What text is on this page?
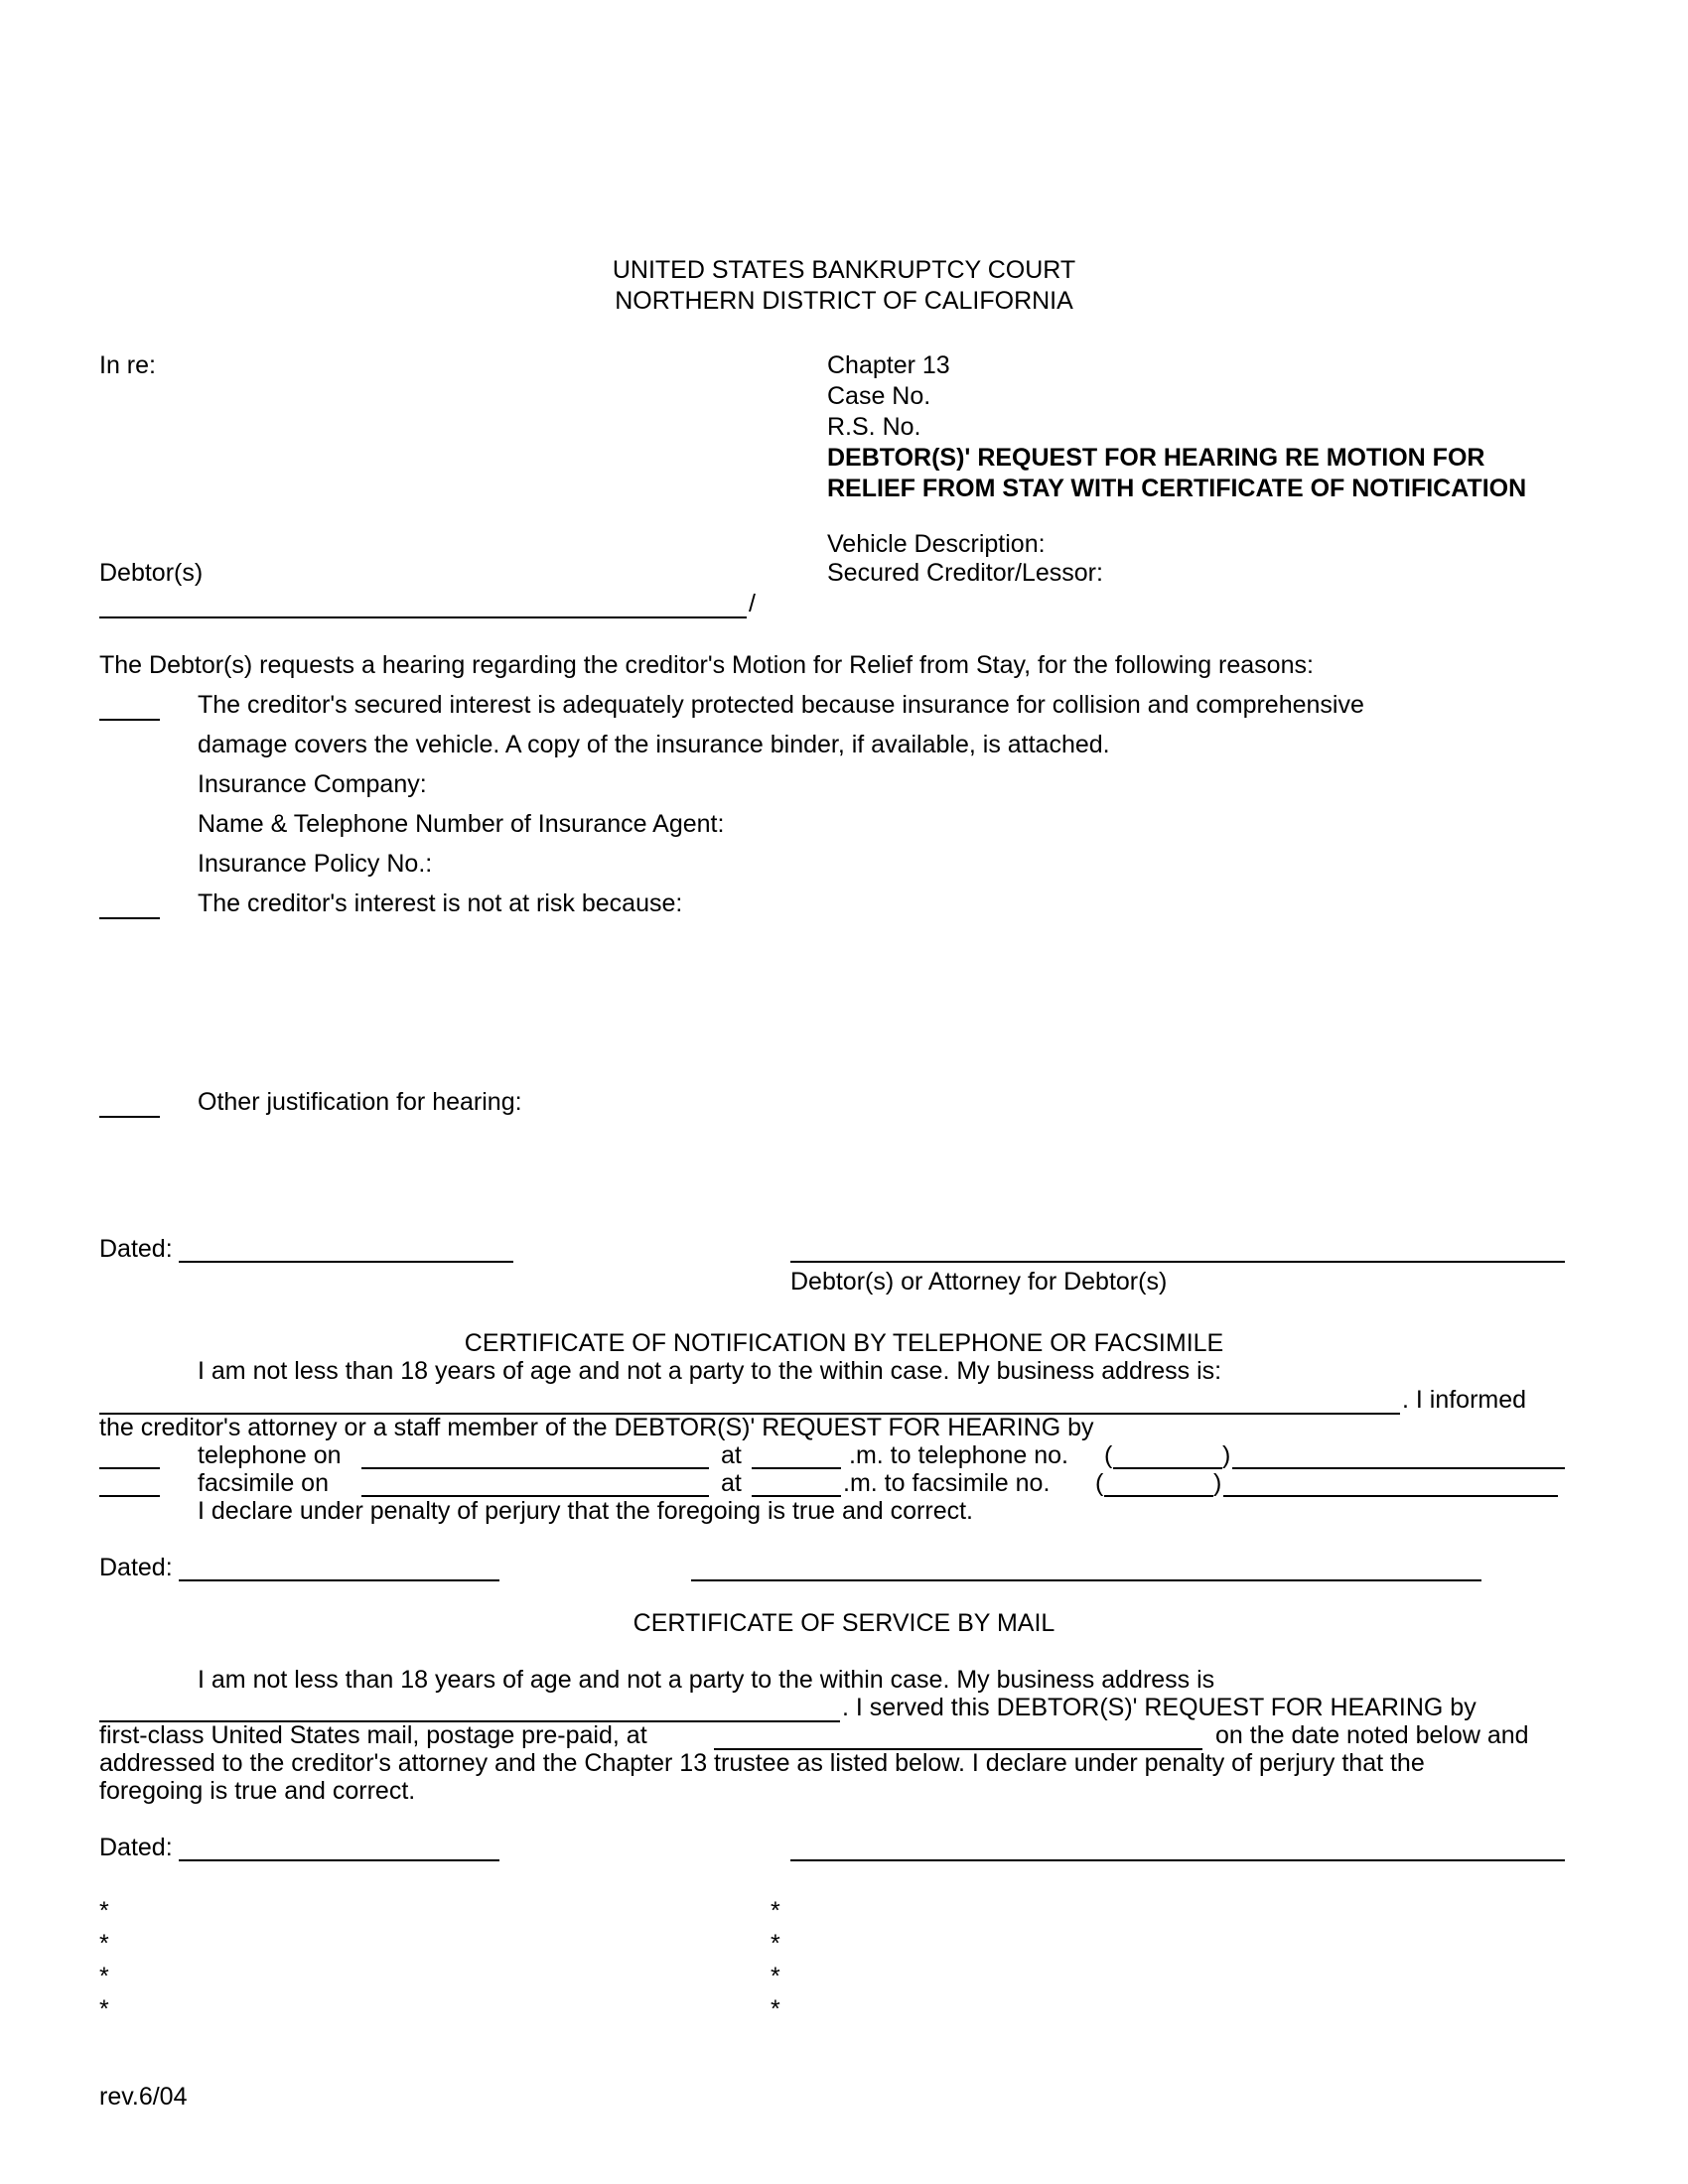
UNITED STATES BANKRUPTCY COURT
NORTHERN DISTRICT OF CALIFORNIA
In re:
Debtor(s)
/
Chapter 13
Case No.
R.S. No.
DEBTOR(S)' REQUEST FOR HEARING RE MOTION FOR
RELIEF FROM STAY WITH CERTIFICATE OF NOTIFICATION
Vehicle Description:
Secured Creditor/Lessor:
The Debtor(s) requests a hearing regarding the creditor's Motion for Relief from Stay, for the following reasons:
The creditor's secured interest is adequately protected because insurance for collision and comprehensive
damage covers the vehicle. A copy of the insurance binder, if available, is attached.
Insurance Company:
Name & Telephone Number of Insurance Agent:
Insurance Policy No.:
The creditor's interest is not at risk because:
Other justification for hearing:
Dated:
Debtor(s) or Attorney for Debtor(s)
CERTIFICATE OF NOTIFICATION BY TELEPHONE OR FACSIMILE
I am not less than 18 years of age and not a party to the within case. My business address is:
. I informed
the creditor's attorney or a staff member of the DEBTOR(S)' REQUEST FOR HEARING by
telephone on	at	.m. to telephone no. (	)
facsimile on	at	.m. to facsimile no. (	)
I declare under penalty of perjury that the foregoing is true and correct.
Dated:
CERTIFICATE OF SERVICE BY MAIL
I am not less than 18 years of age and not a party to the within case. My business address is
. I served this DEBTOR(S)' REQUEST FOR HEARING by
first-class United States mail, postage pre-paid, at	on the date noted below and
addressed to the creditor's attorney and the Chapter 13 trustee as listed below. I declare under penalty of perjury that the
foregoing is true and correct.
Dated:
*
*
*
*
*
*
*
*
rev.6/04
